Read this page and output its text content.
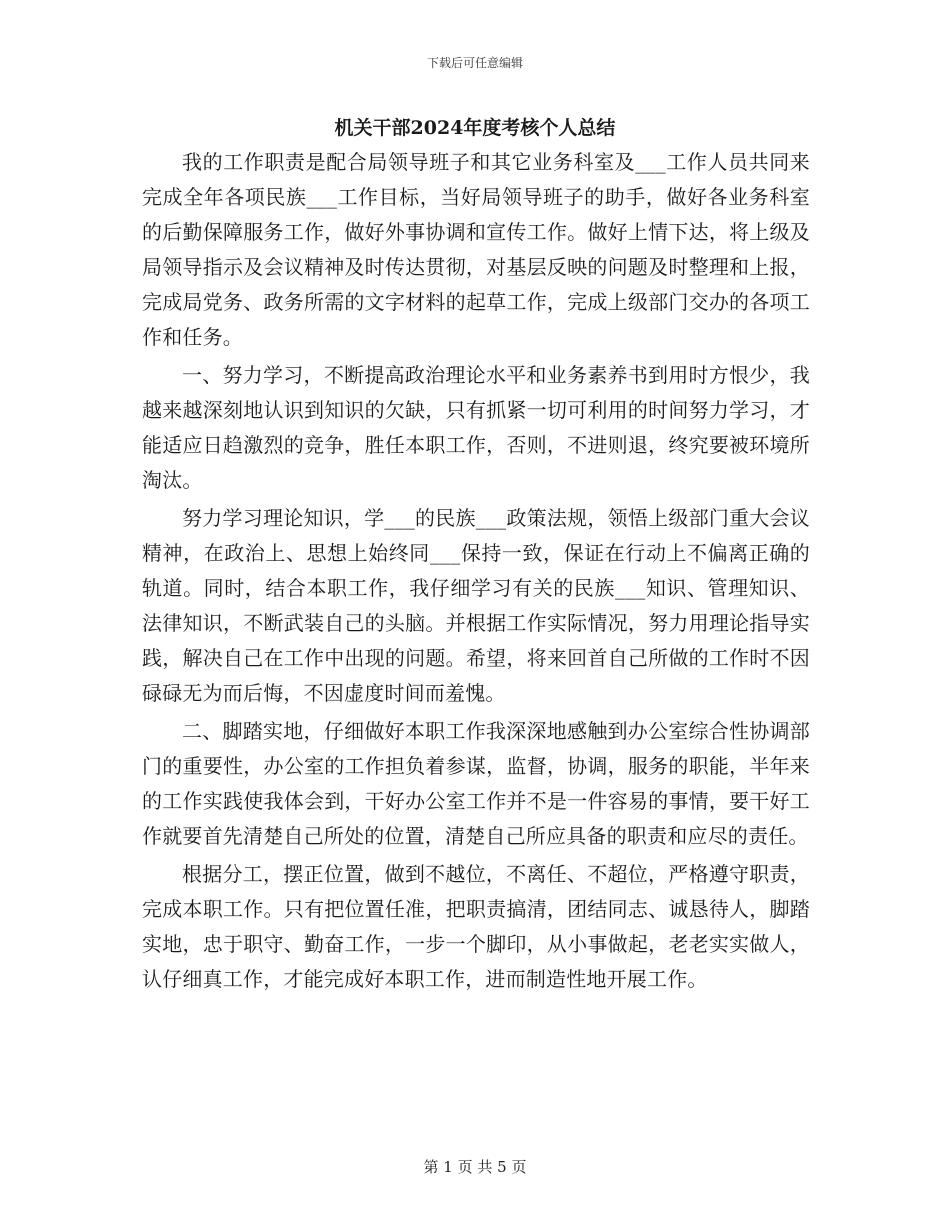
下载后可任意编辑
机关干部2024年度考核个人总结

我的工作职责是配合局领导班子和其它业务科室及___工作人员共同来完成全年各项民族___工作目标，当好局领导班子的助手，做好各业务科室的后勤保障服务工作，做好外事协调和宣传工作。做好上情下达，将上级及局领导指示及会议精神及时传达贯彻，对基层反映的问题及时整理和上报，完成局党务、政务所需的文字材料的起草工作，完成上级部门交办的各项工作和任务。

一、努力学习，不断提高政治理论水平和业务素养书到用时方恨少，我越来越深刻地认识到知识的欠缺，只有抓紧一切可利用的时间努力学习，才能适应日趋激烈的竞争，胜任本职工作，否则，不进则退，终究要被环境所淘汰。

努力学习理论知识，学___的民族___政策法规，领悟上级部门重大会议精神，在政治上、思想上始终同___保持一致，保证在行动上不偏离正确的轨道。同时，结合本职工作，我仔细学习有关的民族___知识、管理知识、法律知识，不断武装自己的头脑。并根据工作实际情况，努力用理论指导实践，解决自己在工作中出现的问题。希望，将来回首自己所做的工作时不因碌碌无为而后悔，不因虚度时间而羞愧。

二、脚踏实地，仔细做好本职工作我深深地感触到办公室综合性协调部门的重要性，办公室的工作担负着参谋，监督，协调，服务的职能，半年来的工作实践使我体会到，干好办公室工作并不是一件容易的事情，要干好工作就要首先清楚自己所处的位置，清楚自己所应具备的职责和应尽的责任。

根据分工，摆正位置，做到不越位，不离任、不超位，严格遵守职责，完成本职工作。只有把位置任准，把职责搞清，团结同志、诚恳待人，脚踏实地，忠于职守、勤奋工作，一步一个脚印，从小事做起，老老实实做人，认仔细真工作，才能完成好本职工作，进而制造性地开展工作。

第 1 页 共 5 页
